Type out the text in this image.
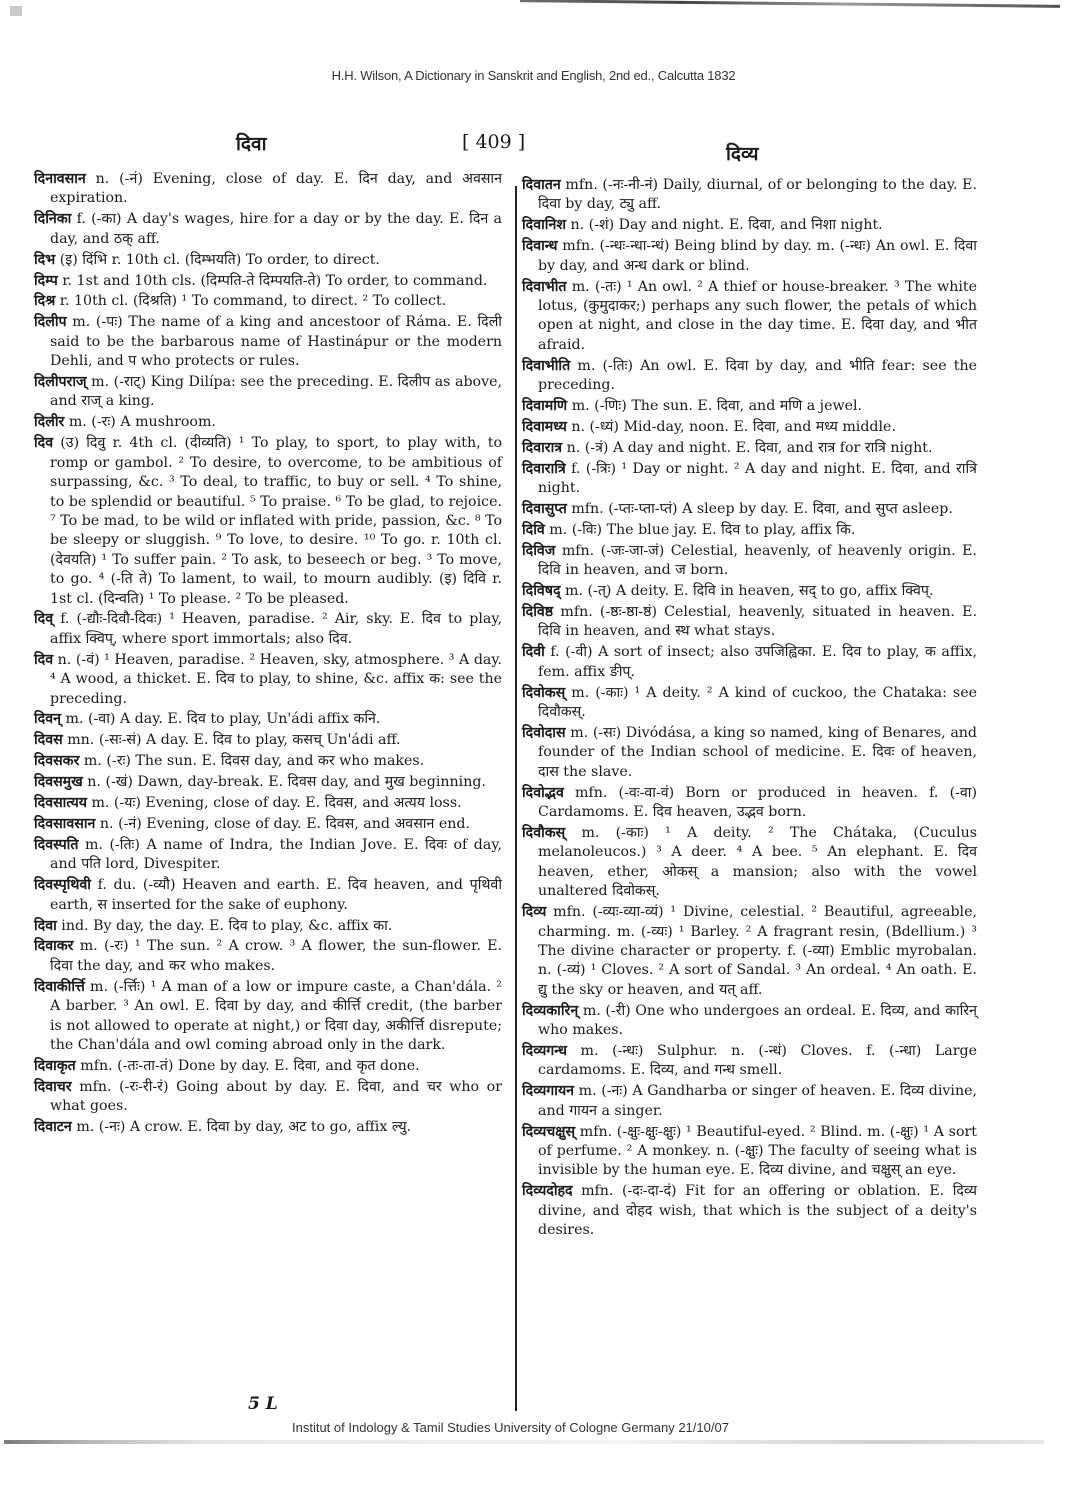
H.H. Wilson, A Dictionary in Sanskrit and English, 2nd ed., Calcutta 1832
दिवा	[ 409 ]
दिव्य

दिनावसान n. (-नं) Evening, close of day. E. दिन day, and अवसान expiration.

दिनिका f. (-का) A day's wages, hire for a day or by the day. E. दिन a day, and ठक् aff.

दिभ (इ) दिंभि r. 10th cl. (दिम्भयति) To order, to direct.

दिम्प r. 1st and 10th cls. (दिम्पति-ते दिम्पयति-ते) To order, to command.

दिश्र r. 10th cl. (दिश्रति) ¹ To command, to direct. ² To collect.

दिलीप m. (-पः) The name of a king and ancestoor of Ráma. E. दिली said to be the barbarous name of Hastinápur or the modern Dehli, and प who protects or rules.

दिलीपराज् m. (-राट्) King Dilípa: see the preceding. E. दिलीप as above, and राज् a king.

दिलीर m. (-रः) A mushroom.

दिव (उ) दिवु r. 4th cl. (दीव्यति) ¹ To play, to sport, to play with, to romp or gambol. ² To desire, to overcome, to be ambitious of surpassing, &c. ³ To deal, to traffic, to buy or sell. ⁴ To shine, to be splendid or beautiful. ⁵ To praise. ⁶ To be glad, to rejoice. ⁷ To be mad, to be wild or inflated with pride, passion, &c. ⁸ To be sleepy or sluggish. ⁹ To love, to desire. ¹⁰ To go. r. 10th cl. (देवयति) ¹ To suffer pain. ² To ask, to beseech or beg. ³ To move, to go. ⁴ (-ति ते) To lament, to wail, to mourn audibly. (इ) दिवि r. 1st cl. (दिन्वति) ¹ To please. ² To be pleased.

दिव् f. (-द्यौः-दिवौ-दिवः) ¹ Heaven, paradise. ² Air, sky. E. दिव to play, affix क्विप्, where sport immortals; also दिव.

दिव n. (-वं) ¹ Heaven, paradise. ² Heaven, sky, atmosphere. ³ A day. ⁴ A wood, a thicket. E. दिव to play, to shine, &c. affix क: see the preceding.

दिवन् m. (-वा) A day. E. दिव to play, Un'ádi affix कनि.

दिवस mn. (-सः-सं) A day. E. दिव to play, कसच् Un'ádi aff.

दिवसकर m. (-रः) The sun. E. दिवस day, and कर who makes.

दिवसमुख n. (-खं) Dawn, day-break. E. दिवस day, and मुख beginning.

दिवसात्यय m. (-यः) Evening, close of day. E. दिवस, and अत्यय loss.

दिवसावसान n. (-नं) Evening, close of day. E. दिवस, and अवसान end.

दिवस्पति m. (-तिः) A name of Indra, the Indian Jove. E. दिवः of day, and पति lord, Divespiter.

दिवस्पृथिवी f. du. (-व्यौ) Heaven and earth. E. दिव heaven, and पृथिवी earth, स inserted for the sake of euphony.

दिवा ind. By day, the day. E. दिव to play, &c. affix का.

दिवाकर m. (-रः) ¹ The sun. ² A crow. ³ A flower, the sun-flower. E. दिवा the day, and कर who makes.

दिवाकीर्त्ति m. (-र्त्तिः) ¹ A man of a low or impure caste, a Chan'dála. ² A barber. ³ An owl. E. दिवा by day, and कीर्त्ति credit, (the barber is not allowed to operate at night,) or दिवा day, अकीर्त्ति disrepute; the Chan'dála and owl coming abroad only in the dark.

दिवाकृत mfn. (-तः-ता-तं) Done by day. E. दिवा, and कृत done.

दिवाचर mfn. (-रः-री-रं) Going about by day. E. दिवा, and चर who or what goes.

दिवाटन m. (-नः) A crow. E. दिवा by day, अट to go, affix ल्यु.

दिवातन mfn. (-नः-नी-नं) Daily, diurnal, of or belonging to the day. E. दिवा by day, ट्यु aff.

दिवानिश n. (-शं) Day and night. E. दिवा, and निशा night.

दिवान्ध mfn. (-न्धः-न्धा-न्धं) Being blind by day. m. (-न्धः) An owl. E. दिवा by day, and अन्ध dark or blind.

दिवाभीत m. (-तः) ¹ An owl. ² A thief or house-breaker. ³ The white lotus, (कुमुदाकर;) perhaps any such flower, the petals of which open at night, and close in the day time. E. दिवा day, and भीत afraid.

दिवाभीति m. (-तिः) An owl. E. दिवा by day, and भीति fear: see the preceding.

दिवामणि m. (-णिः) The sun. E. दिवा, and मणि a jewel.

दिवामध्य n. (-ध्यं) Mid-day, noon. E. दिवा, and मध्य middle.

दिवारात्र n. (-त्रं) A day and night. E. दिवा, and रात्र for रात्रि night.

दिवारात्रि f. (-त्रिः) ¹ Day or night. ² A day and night. E. दिवा, and रात्रि night.

दिवासुप्त mfn. (-प्तः-प्ता-प्तं) A sleep by day. E. दिवा, and सुप्त asleep.

दिवि m. (-विः) The blue jay. E. दिव to play, affix कि.

दिविज mfn. (-जः-जा-जं) Celestial, heavenly, of heavenly origin. E. दिवि in heaven, and ज born.

दिविषद् m. (-त्) A deity. E. दिवि in heaven, सद् to go, affix क्विप्.

दिविष्ठ mfn. (-ष्ठः-ष्ठा-ष्ठं) Celestial, heavenly, situated in heaven. E. दिवि in heaven, and स्थ what stays.

दिवी f. (-वी) A sort of insect; also उपजिह्विका. E. दिव to play, क affix, fem. affix ङीप्.

दिवोकस् m. (-काः) ¹ A deity. ² A kind of cuckoo, the Chataka: see दिवौकस्.

दिवोदास m. (-सः) Divódása, a king so named, king of Benares, and founder of the Indian school of medicine. E. दिवः of heaven, दास the slave.

दिवोद्भव mfn. (-वः-वा-वं) Born or produced in heaven. f. (-वा) Cardamoms. E. दिव heaven, उद्भव born.

दिवौकस् m. (-काः) ¹ A deity. ² The Chátaka, (Cuculus melanoleucos.) ³ A deer. ⁴ A bee. ⁵ An elephant. E. दिव heaven, ether, ओकस् a mansion; also with the vowel unaltered दिवोकस्.

दिव्य mfn. (-व्यः-व्या-व्यं) ¹ Divine, celestial. ² Beautiful, agreeable, charming. m. (-व्यः) ¹ Barley. ² A fragrant resin, (Bdellium.) ³ The divine character or property. f. (-व्या) Emblic myrobalan. n. (-व्यं) ¹ Cloves. ² A sort of Sandal. ³ An ordeal. ⁴ An oath. E. द्यु the sky or heaven, and यत् aff.

दिव्यकारिन् m. (-री) One who undergoes an ordeal. E. दिव्य, and कारिन् who makes.

दिव्यगन्ध m. (-न्धः) Sulphur. n. (-न्धं) Cloves. f. (-न्धा) Large cardamoms. E. दिव्य, and गन्ध smell.

दिव्यगायन m. (-नः) A Gandharba or singer of heaven. E. दिव्य divine, and गायन a singer.

दिव्यचक्षुस् mfn. (-क्षुः-क्षुः-क्षुः) ¹ Beautiful-eyed. ² Blind. m. (-क्षुः) ¹ A sort of perfume. ² A monkey. n. (-क्षुः) The faculty of seeing what is invisible by the human eye. E. दिव्य divine, and चक्षुस् an eye.

दिव्यदोहद mfn. (-दः-दा-दं) Fit for an offering or oblation. E. दिव्य divine, and दोहद wish, that which is the subject of a deity's desires.

5 L
Institut of Indology & Tamil Studies University of Cologne Germany 21/10/07
